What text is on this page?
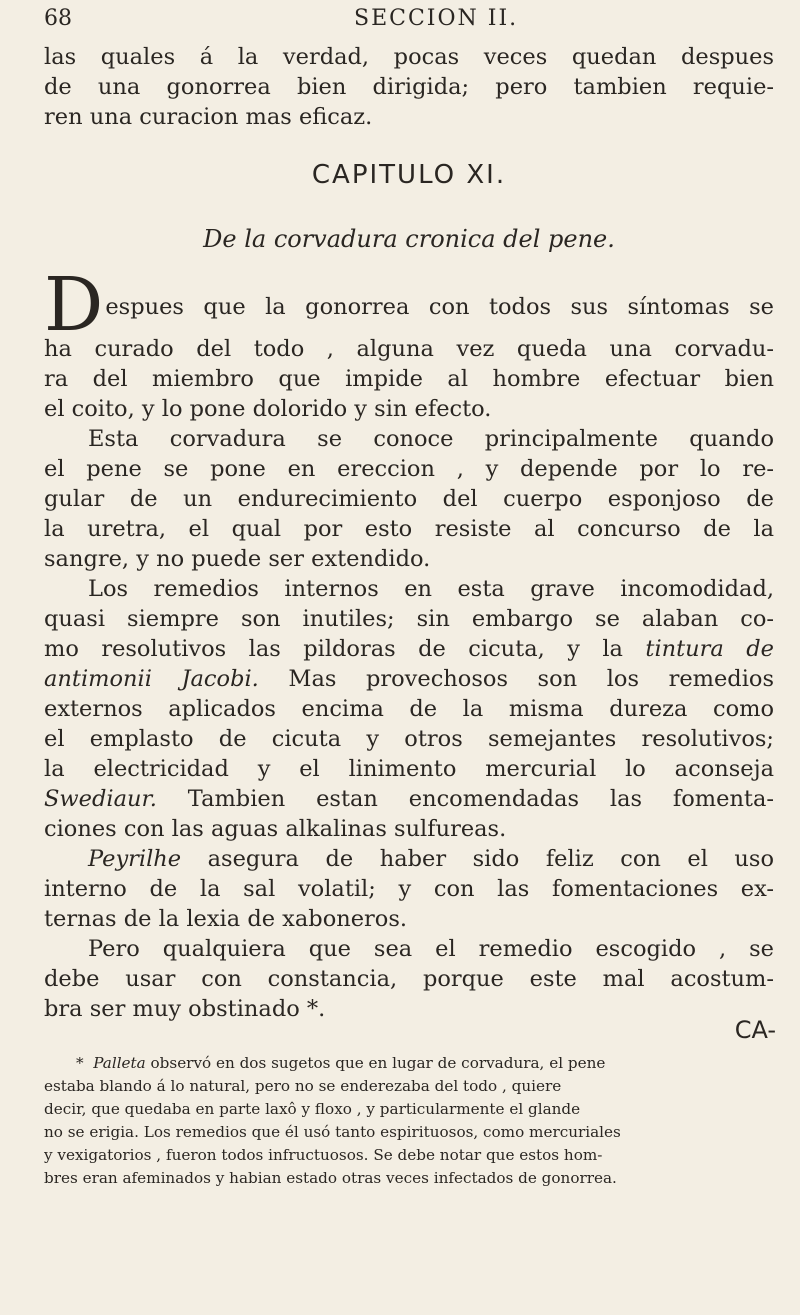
68	SECCION II.
las quales á la verdad, pocas veces quedan despues
de una gonorrea bien dirigida; pero tambien requie-
ren una curacion mas eficaz.
CAPITULO XI.
De la corvadura cronica del pene.
D espues que la gonorrea con todos sus síntomas se
ha curado del todo , alguna vez queda una corvadu-
ra del miembro que impide al hombre efectuar bien
el coito, y lo pone dolorido y sin efecto.
Esta corvadura se conoce principalmente quando
el pene se pone en ereccion , y depende por lo re-
gular de un endurecimiento del cuerpo esponjoso de
la uretra, el qual por esto resiste al concurso de la
sangre, y no puede ser extendido.
Los remedios internos en esta grave incomodidad,
quasi siempre son inutiles; sin embargo se alaban co-
mo resolutivos las pildoras de cicuta, y la tintura de
antimonii Jacobi. Mas provechosos son los remedios
externos aplicados encima de la misma dureza como
el emplasto de cicuta y otros semejantes resolutivos;
la electricidad y el linimento mercurial lo aconseja
Swediaur. Tambien estan encomendadas las fomenta-
ciones con las aguas alkalinas sulfureas.
Peyrilhe asegura de haber sido feliz con el uso
interno de la sal volatil; y con las fomentaciones ex-
ternas de la lexia de xaboneros.
Pero qualquiera que sea el remedio escogido , se
debe usar con constancia, porque este mal acostum-
bra ser muy obstinado *.
CA-
* Palleta observó en dos sugetos que en lugar de corvadura, el pene
estaba blando á lo natural, pero no se enderezaba del todo , quiere
decir, que quedaba en parte laxô y floxo , y particularmente el glande
no se erigia. Los remedios que él usó tanto espirituosos, como mercuriales
y vexigatorios , fueron todos infructuosos. Se debe notar que estos hom-
bres eran afeminados y habian estado otras veces infectados de gonorrea.
